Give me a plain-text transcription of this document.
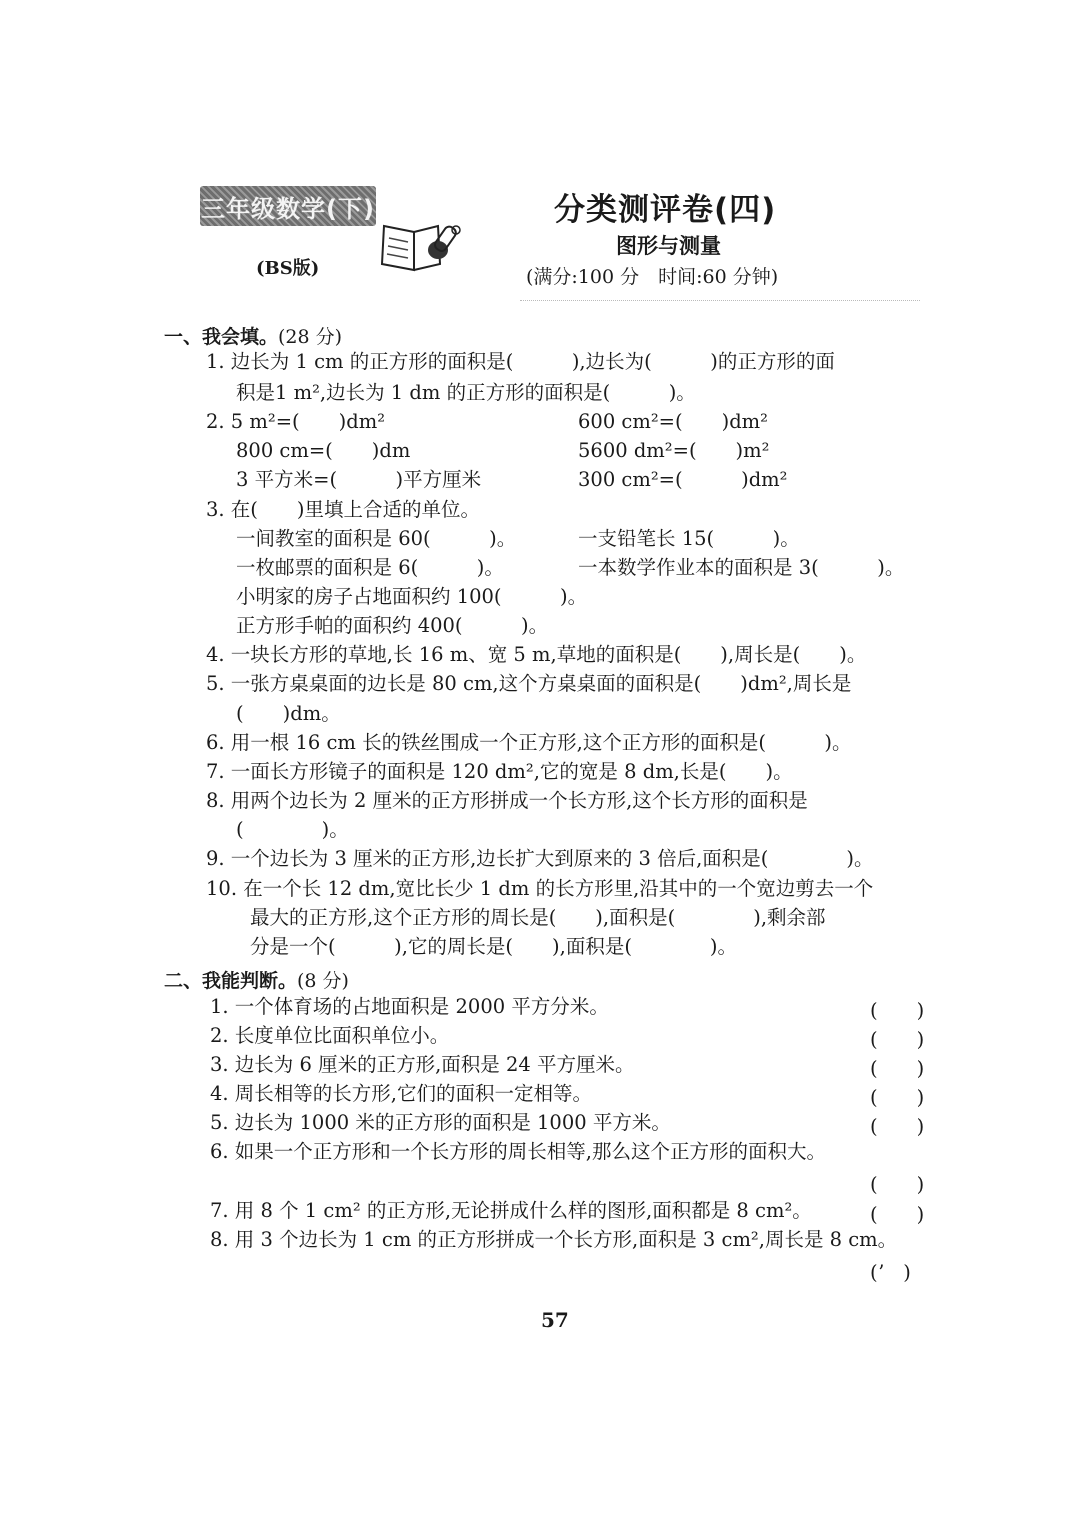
三年级数学(下)
(BS版)
分类测评卷(四)
图形与测量
(满分:100 分　时间:60 分钟)
一、我会填。(28 分)
1. 边长为 1 cm 的正方形的面积是(　　　),边长为(　　　)的正方形的面
积是1 m²,边长为 1 dm 的正方形的面积是(　　　)。
2. 5 m²=(　　)dm²	600 cm²=(　　)dm²
800 cm=(　　)dm	5600 dm²=(　　)m²
3 平方米=(　　　)平方厘米	300 cm²=(　　　)dm²
3. 在(　　)里填上合适的单位。
一间教室的面积是 60(　　　)。	一支铅笔长 15(　　　)。
一枚邮票的面积是 6(　　　)。	一本数学作业本的面积是 3(　　　)。
小明家的房子占地面积约 100(　　　)。
正方形手帕的面积约 400(　　　)。
4. 一块长方形的草地,长 16 m、宽 5 m,草地的面积是(　　),周长是(　　)。
5. 一张方桌桌面的边长是 80 cm,这个方桌桌面的面积是(　　)dm²,周长是
(　　)dm。
6. 用一根 16 cm 长的铁丝围成一个正方形,这个正方形的面积是(　　　)。
7. 一面长方形镜子的面积是 120 dm²,它的宽是 8 dm,长是(　　)。
8. 用两个边长为 2 厘米的正方形拼成一个长方形,这个长方形的面积是
(　　　　)。
9. 一个边长为 3 厘米的正方形,边长扩大到原来的 3 倍后,面积是(　　　　)。
10. 在一个长 12 dm,宽比长少 1 dm 的长方形里,沿其中的一个宽边剪去一个
最大的正方形,这个正方形的周长是(　　),面积是(　　　　),剩余部
分是一个(　　　),它的周长是(　　),面积是(　　　　)。
二、我能判断。(8 分)
1. 一个体育场的占地面积是 2000 平方分米。	(　　)
2. 长度单位比面积单位小。	(　　)
3. 边长为 6 厘米的正方形,面积是 24 平方厘米。	(　　)
4. 周长相等的长方形,它们的面积一定相等。	(　　)
5. 边长为 1000 米的正方形的面积是 1000 平方米。	(　　)
6. 如果一个正方形和一个长方形的周长相等,那么这个正方形的面积大。
(　　)
7. 用 8 个 1 cm² 的正方形,无论拼成什么样的图形,面积都是 8 cm²。	(　　)
8. 用 3 个边长为 1 cm 的正方形拼成一个长方形,面积是 3 cm²,周长是 8 cm。
(ʼ　)
57
